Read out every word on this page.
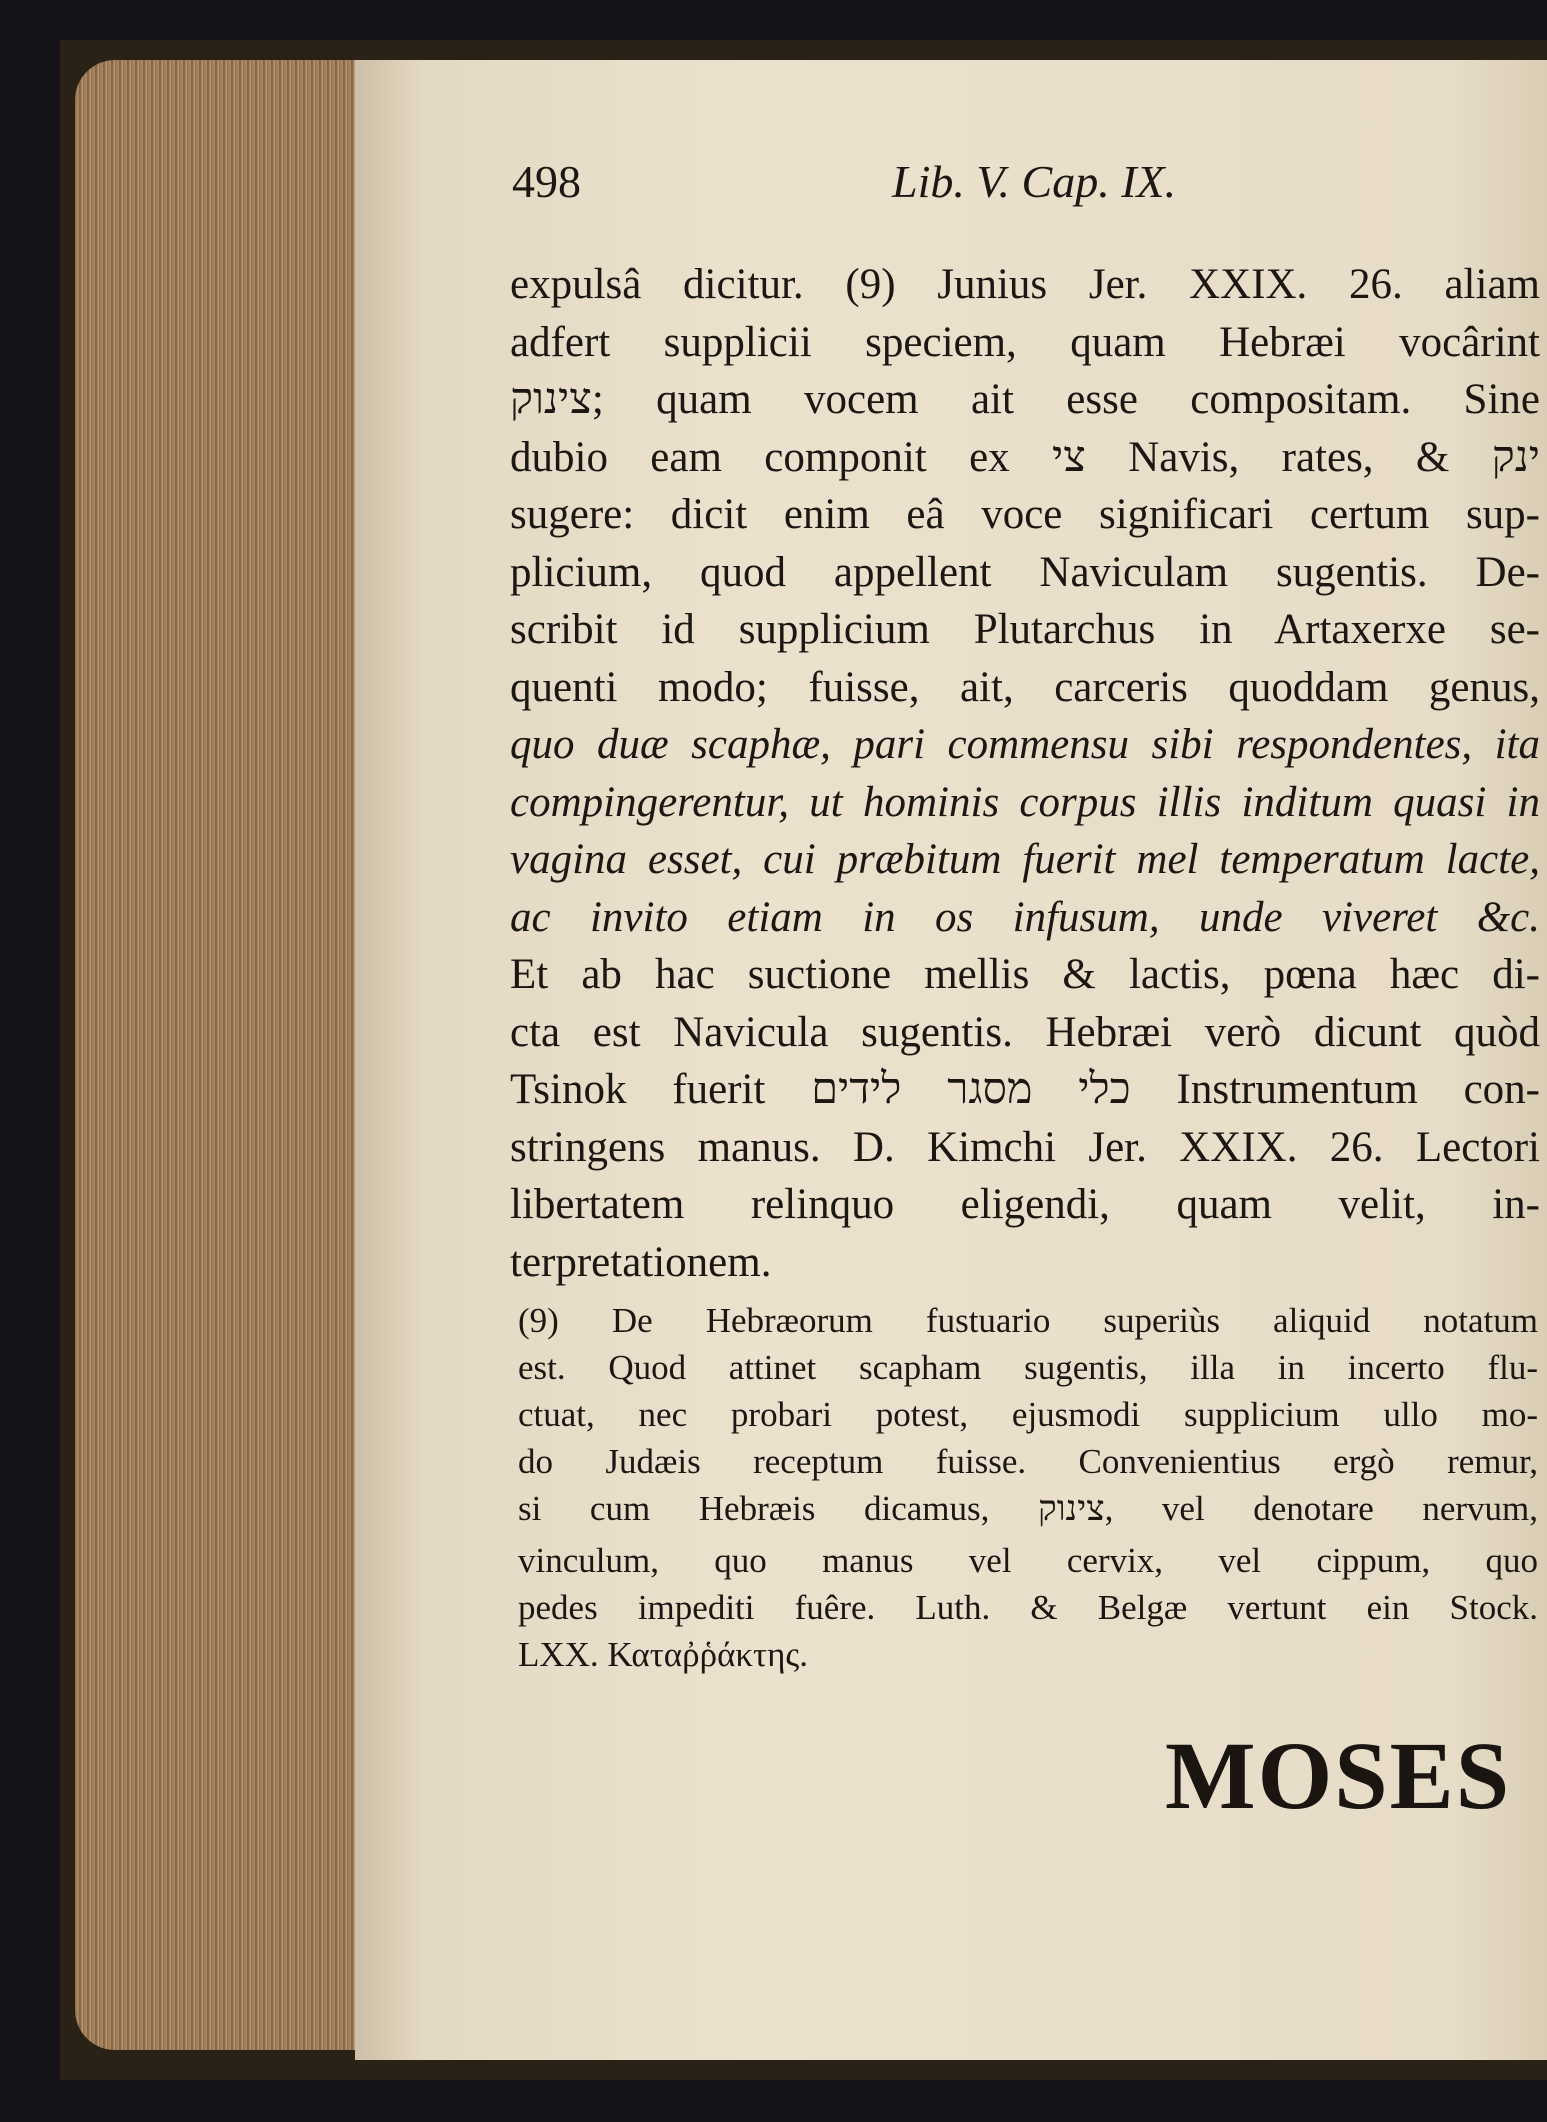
498	Lib. V. Cap. IX.
expulsâ dicitur. (9) Junius Jer. XXIX. 26. aliam
adfert supplicii speciem, quam Hebræi vocârint
צינוק; quam vocem ait esse compositam. Sine
dubio eam componit ex צי Navis, rates, & ינק
sugere: dicit enim eâ voce significari certum sup-
plicium, quod appellent Naviculam sugentis. De-
scribit id supplicium Plutarchus in Artaxerxe se-
quenti modo; fuisse, ait, carceris quoddam genus,
quo duæ scaphæ, pari commensu sibi respondentes, ita
compingerentur, ut hominis corpus illis inditum quasi in
vagina esset, cui præbitum fuerit mel temperatum lacte,
ac invito etiam in os infusum, unde viveret &c.
Et ab hac suctione mellis & lactis, pœna hæc di-
cta est Navicula sugentis. Hebræi verò dicunt quòd
Tsinok fuerit כלי מסגר לידים Instrumentum con-
stringens manus. D. Kimchi Jer. XXIX. 26. Lectori
libertatem relinquo eligendi, quam velit, in-
terpretationem.
(9) De Hebræorum fustuario superiùs aliquid notatum
est. Quod attinet scapham sugentis, illa in incerto flu-
ctuat, nec probari potest, ejusmodi supplicium ullo mo-
do Judæis receptum fuisse. Convenientius ergò remur,
si cum Hebræis dicamus, צינוק, vel denotare nervum,
vinculum, quo manus vel cervix, vel cippum, quo
pedes impediti fuêre. Luth. & Belgæ vertunt ein Stock.
LXX. Καταῤῥάκτης.
MOSES
